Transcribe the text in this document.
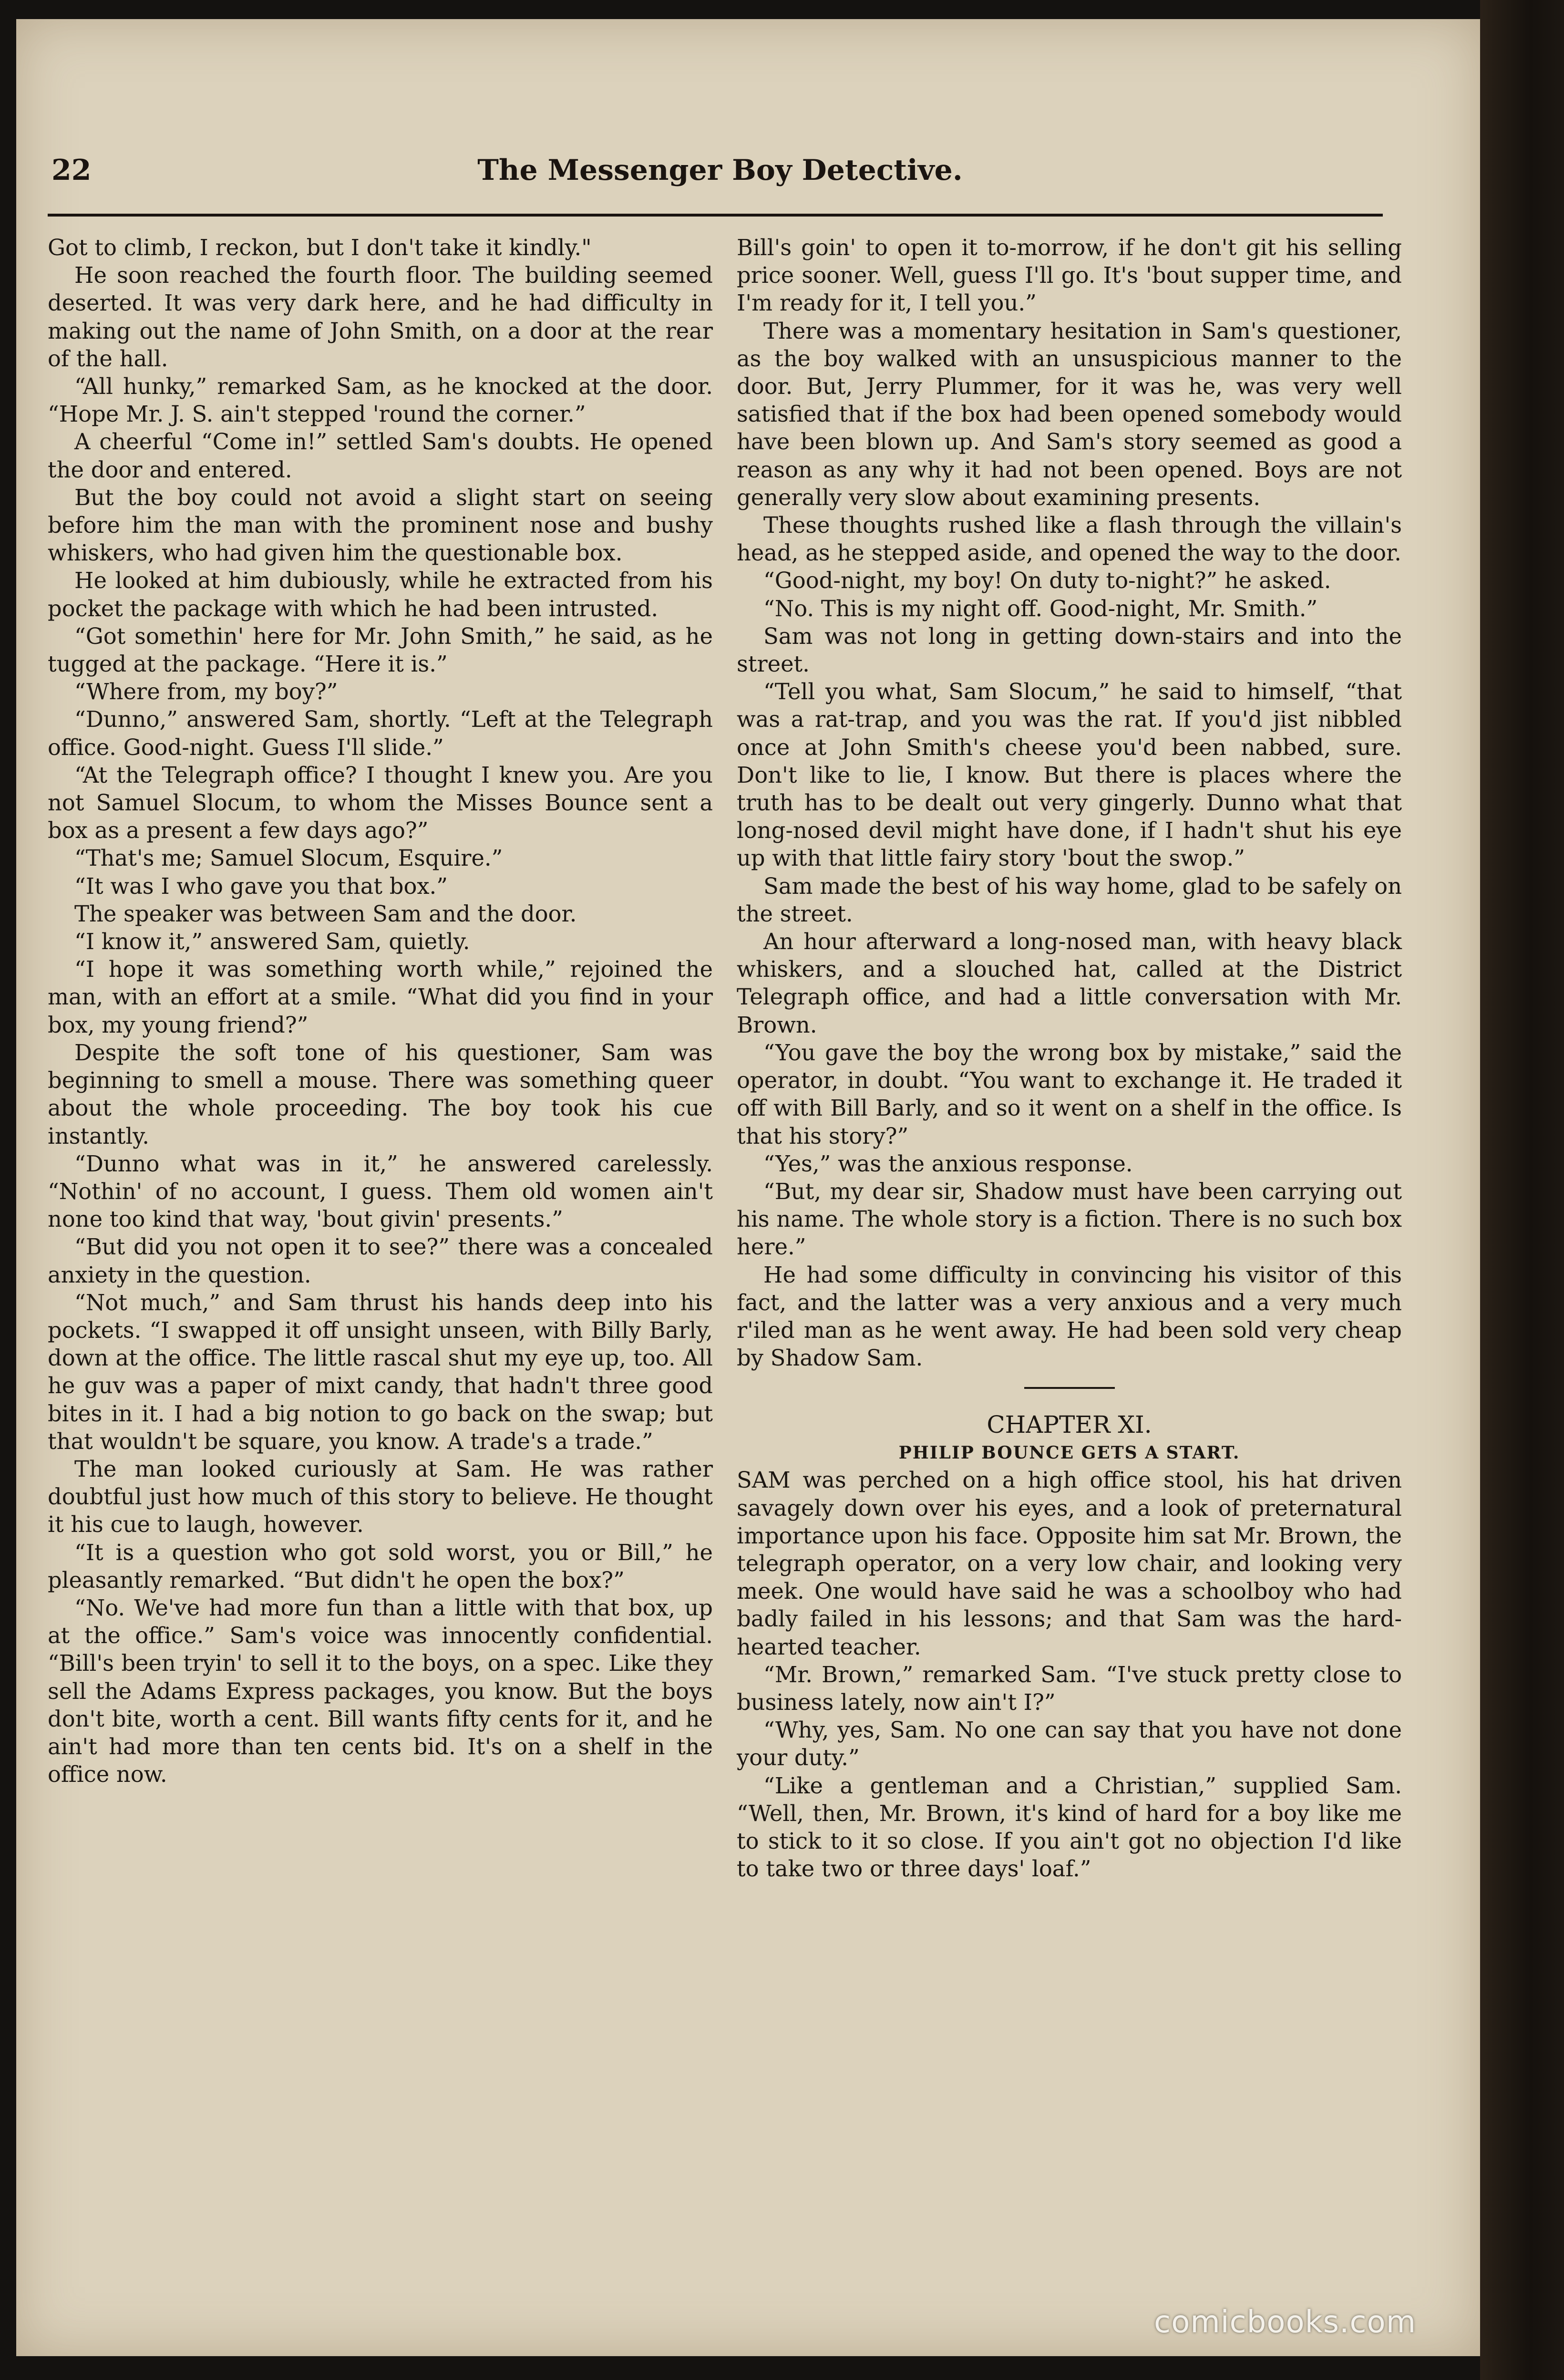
22	The Messenger Boy Detective.

Got to climb, I reckon, but I don't take it kindly."

He soon reached the fourth floor. The building seemed deserted. It was very dark here, and he had difficulty in making out the name of John Smith, on a door at the rear of the hall.

“All hunky,” remarked Sam, as he knocked at the door. “Hope Mr. J. S. ain't stepped 'round the corner.”

A cheerful “Come in!” settled Sam's doubts. He opened the door and entered.

But the boy could not avoid a slight start on seeing before him the man with the prominent nose and bushy whiskers, who had given him the questionable box.

He looked at him dubiously, while he extracted from his pocket the package with which he had been intrusted.

“Got somethin' here for Mr. John Smith,” he said, as he tugged at the package. “Here it is.”

“Where from, my boy?”

“Dunno,” answered Sam, shortly. “Left at the Telegraph office. Good-night. Guess I'll slide.”

“At the Telegraph office? I thought I knew you. Are you not Samuel Slocum, to whom the Misses Bounce sent a box as a present a few days ago?”

“That's me; Samuel Slocum, Esquire.”

“It was I who gave you that box.”

The speaker was between Sam and the door.

“I know it,” answered Sam, quietly.

“I hope it was something worth while,” rejoined the man, with an effort at a smile. “What did you find in your box, my young friend?”

Despite the soft tone of his questioner, Sam was beginning to smell a mouse. There was something queer about the whole proceeding. The boy took his cue instantly.

“Dunno what was in it,” he answered carelessly. “Nothin' of no account, I guess. Them old women ain't none too kind that way, 'bout givin' presents.”

“But did you not open it to see?” there was a concealed anxiety in the question.

“Not much,” and Sam thrust his hands deep into his pockets. “I swapped it off unsight unseen, with Billy Barly, down at the office. The little rascal shut my eye up, too. All he guv was a paper of mixt candy, that hadn't three good bites in it. I had a big notion to go back on the swap; but that wouldn't be square, you know. A trade's a trade.”

The man looked curiously at Sam. He was rather doubtful just how much of this story to believe. He thought it his cue to laugh, however.

“It is a question who got sold worst, you or Bill,” he pleasantly remarked. “But didn't he open the box?”

“No. We've had more fun than a little with that box, up at the office.” Sam's voice was innocently confidential. “Bill's been tryin' to sell it to the boys, on a spec. Like they sell the Adams Express packages, you know. But the boys don't bite, worth a cent. Bill wants fifty cents for it, and he ain't had more than ten cents bid. It's on a shelf in the office now.

Bill's goin' to open it to-morrow, if he don't git his selling price sooner. Well, guess I'll go. It's 'bout supper time, and I'm ready for it, I tell you.”

There was a momentary hesitation in Sam's questioner, as the boy walked with an unsuspicious manner to the door. But, Jerry Plummer, for it was he, was very well satisfied that if the box had been opened somebody would have been blown up. And Sam's story seemed as good a reason as any why it had not been opened. Boys are not generally very slow about examining presents.

These thoughts rushed like a flash through the villain's head, as he stepped aside, and opened the way to the door.

“Good-night, my boy! On duty to-night?” he asked.

“No. This is my night off. Good-night, Mr. Smith.”

Sam was not long in getting down-stairs and into the street.

“Tell you what, Sam Slocum,” he said to himself, “that was a rat-trap, and you was the rat. If you'd jist nibbled once at John Smith's cheese you'd been nabbed, sure. Don't like to lie, I know. But there is places where the truth has to be dealt out very gingerly. Dunno what that long-nosed devil might have done, if I hadn't shut his eye up with that little fairy story 'bout the swop.”

Sam made the best of his way home, glad to be safely on the street.

An hour afterward a long-nosed man, with heavy black whiskers, and a slouched hat, called at the District Telegraph office, and had a little conversation with Mr. Brown.

“You gave the boy the wrong box by mistake,” said the operator, in doubt. “You want to exchange it. He traded it off with Bill Barly, and so it went on a shelf in the office. Is that his story?”

“Yes,” was the anxious response.

“But, my dear sir, Shadow must have been carrying out his name. The whole story is a fiction. There is no such box here.”

He had some difficulty in convincing his visitor of this fact, and the latter was a very anxious and a very much r'iled man as he went away. He had been sold very cheap by Shadow Sam.

CHAPTER XI.

PHILIP BOUNCE GETS A START.

SAM was perched on a high office stool, his hat driven savagely down over his eyes, and a look of preternatural importance upon his face. Opposite him sat Mr. Brown, the telegraph operator, on a very low chair, and looking very meek. One would have said he was a schoolboy who had badly failed in his lessons; and that Sam was the hard-hearted teacher.

“Mr. Brown,” remarked Sam. “I've stuck pretty close to business lately, now ain't I?”

“Why, yes, Sam. No one can say that you have not done your duty.”

“Like a gentleman and a Christian,” supplied Sam. “Well, then, Mr. Brown, it's kind of hard for a boy like me to stick to it so close. If you ain't got no objection I'd like to take two or three days' loaf.”

comicbooks.com
